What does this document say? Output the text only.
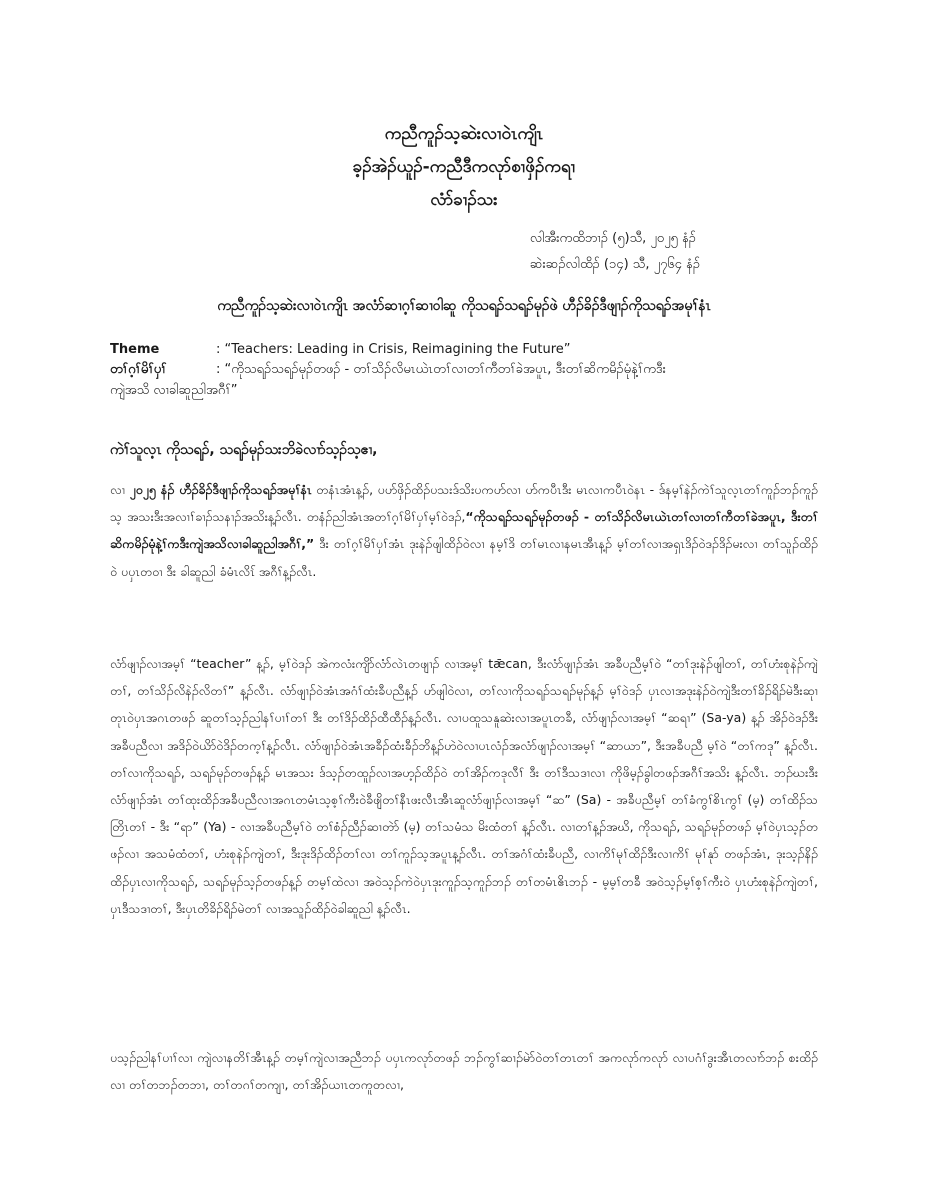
ကညီကူၣ်သ့ဆဲးလၢဝဲၤကျိၤ
ခ့ၣ်အဲၣ်ယူၣ်-ကညီဒီကလုာ်စၢဖှိၣ်ကရၢ
လံာ်ခၢၣ်သး
လါအီးကထိဘၢၣ် (၅)သီ, ၂၀၂၅ နံၣ်
ဆဲးဆၣ်လါထိၣ် (၁၄) သီ, ၂၇၆၄ နံၣ်
ကညီကူၣ်သ့ဆဲးလၢဝဲၤကျိၤ အလံာ်ဆၢဂ့ၢ်ဆၢဝါဆူ ကိုသရၣ်သရၣ်မုၣ်ဖဲ ဟီၣ်ခိၣ်ဒီဖျၢၣ်ကိုသရၣ်အမုၢ်နံၤ
Theme	: “Teachers: Leading in Crisis, Reimagining the Future”
တၢ်ဂ့ၢ်မိၢ်ပှၢ်	: “ကိုသရၣ်သရၣ်မုၣ်တဖၣ် - တၢ်သိၣ်လိမၤယဲၤတၢ်လၢတၢ်ကီတၢ်ခဲအပူၤ, ဒီးတၢ်ဆိကမိၣ်မုံနဲ့ၢ်ကဒီး
ကျဲအသိ လၢခါဆူညါအဂီၢ်”
ကဲၢ်သူလ့ၤ ကိုသရၣ်, သရၣ်မုၣ်သးဘိခဲလၢာ်သ့ၣ်သ့ဧၢ,

လၢ ၂၀၂၅ နံၣ် ဟီၣ်ခိၣ်ဒီဖျၢၣ်ကိုသရၣ်အမုၢ်နံၤ တနံၤအံၤန့ၣ်, ပဟ်ဖှိၣ်ထိၣ်ပသးဒ်သိးပကဟ်လၢ ဟ်ကပီၤဒီး မၤလၢကပီၤဝဲနၤ - ဒ်နမ့ၢ်နဲၣ်ကဲၢ်သူလ့ၤတၢ်ကူၣ်ဘၣ်ကူၣ်သ့ အသးဒီးအလၢၢ်ခၢၣ်သနၢၣ်အသိးန့ၣ်လီၤ. တနံၣ်ညါအံၤအတၢ်ဂ့ၢ်မိၢ်ပှၢ်မ့ၢ်ဝဲဒၣ်,“ကိုသရၣ်သရၣ်မုၣ်တဖၣ် - တၢ်သိၣ်လိမၤယဲၤတၢ်လၢတၢ်ကီတၢ်ခဲအပူၤ, ဒီးတၢ်ဆိကမိၣ်မုံနဲ့ၢ်ကဒီးကျဲအသိလၢခါဆူညါအဂီၢ်,” ဒီး တၢ်ဂ့ၢ်မိၢ်ပှၢ်အံၤ ဒုးနဲၣ်ဖျါထိၣ်ဝဲလၢ နမ့ၢ်ဒိ တၢ်မၤလၢနမၤအီၤန့ၣ် မ့ၢ်တၢ်လၢအရှၤဒိၣ်ဝဲဒၣ်ဒိၣ်မးလၢ တၢ်သူၣ်ထိၣ်ဝဲ ပပှၤတဝၢ ဒီး ခါဆူညါ ခံမံၤလိၤ် အဂီၢ်န့ၣ်လီၤ.

လံာ်ဖျၢၣ်လၢအမ့ၢ် “teacher” န့ၣ်, မ့ၢ်ဝဲဒၣ် အဲကလံးကျိာ်လံာ်လဲၤတဖျၢၣ် လၢအမ့ၢ် tǣcan, ဒီးလံာ်ဖျၢၣ်အံၤ အခီပညီမ့ၢ်ဝဲ “တၢ်ဒုးနဲၣ်ဖျါတၢ်, တၢ်ဟံးစုနဲၣ်ကျဲတၢ်, တၢ်သိၣ်လိနဲၣ်လိတၢ်” န့ၣ်လီၤ. လံာ်ဖျၢၣ်ဝဲအံၤအဂံၢ်ထံးခီပညီန့ၣ် ဟ်ဖျါဝဲလၢ, တၢ်လၢကိုသရၣ်သရၣ်မုၣ်န့ၣ် မ့ၢ်ဝဲဒၣ် ပှၤလၢအဒုးနဲၣ်ဝဲကျဲဒီးတၢ်ခိၣ်ရိၣ်မဲဒီးဆုၢတုၤဝဲပှၤအဂၤတဖၣ် ဆူတၢ်သ့ၣ်ညါနၢ်ပၢၢ်တၢ် ဒီး တၢ်ဒိၣ်ထိၣ်ထီထီၣ်န့ၣ်လီၤ. လၢပထူသနူဆဲးလၢအပူၤတခီ, လံာ်ဖျၢၣ်လၢအမ့ၢ် “ဆရၢ” (Sa-ya) န့ၣ် အိၣ်ဝဲဒၣ်ဒီးအခီပညီလၢ အဒိၣ်ဝဲယိာ်ဝဲဒိၣ်တက့ၢ်န့ၣ်လီၤ. လံာ်ဖျၢၣ်ဝဲအံၤအခီၣ်ထံးခီၣ်ဘိန့ၣ်ဟဲဝဲလၢပၤလံၣ်အလံာ်ဖျၢၣ်လၢအမ့ၢ် “ဆာယာ”, ဒီးအခီပညီ မ့ၢ်ဝဲ “တၢ်ကဒု” န့ၣ်လီၤ. တၢ်လၢကိုသရၣ်, သရၣ်မုၣ်တဖၣ်န့ၣ် မၤအသး ဒ်သ့ၣ်တထူၣ်လၢအဟ့ၣ်ထိၣ်ဝဲ တၢ်အိၣ်ကဒုလီၢ် ဒီး တၢ်ဒီသဒၢလၢ ကိုဖိမ့ၣ်ခွါတဖၣ်အဂီၢ်အသိး န့ၣ်လီၤ. ဘၣ်ဃးဒီးလံာ်ဖျၢၣ်အံၤ တၢ်ထုးထိၣ်အခီပညီလၢအဂၤတမံၤသ့စ့ၢ်ကီးဝဲခီဖျိတၢ်နီၤဖးလီၤအီၤဆူလံာ်ဖျၢၣ်လၢအမ့ၢ် “ဆ” (Sa) - အခီပညီမ့ၢ် တၢ်ခံကွၢ်စိၤကွၢ် (မ့) တၢ်ထိၣ်သတြိၤတၢ် - ဒီး “ရာ” (Ya) - လၢအခီပညီမ့ၢ်ဝဲ တၢ်စံၣ်ညီၣ်ဆၢတဲာ် (မ့) တၢ်သမံသ မိးထံတၢ် န့ၣ်လီၤ. လၢတၢ်န့ၣ်အဃိ, ကိုသရၣ်, သရၣ်မုၣ်တဖၣ် မ့ၢ်ဝဲပှၤသ့ၣ်တဖၣ်လၢ အသမံထံတၢ်, ဟံးစုနဲၣ်ကျဲတၢ်, ဒီးဒုးဒိၣ်ထိၣ်တၢ်လၢ တၢ်ကူၣ်သ့အပူၤန့ၣ်လီၤ. တၢ်အဂံၢ်ထံးခီပညီ, လၢကိၢ်မုၢ်ထိၣ်ဒီးလၢကိၢ် မုၢ်နုာ် တဖၣ်အံၤ, ဒုးသ့ၣ်နိၣ်ထိၣ်ပှၤလၢကိုသရၣ်, သရၣ်မုၣ်သ့ၣ်တဖၣ်န့ၣ် တမ့ၢ်ထဲလၢ အဝဲသ့ၣ်ကဲဝဲပှၤဒုးကူၣ်သ့ကူၣ်ဘၣ် တၢ်တမံၤဧိၤဘၣ် - မ့မ့ၢ်တခီ အဝဲသ့ၣ်မ့ၢ်စ့ၢ်ကီးဝဲ ပှၤဟံးစုနဲၣ်ကျဲတၢ်, ပှၤဒီသဒၢတၢ်, ဒီးပှၤတိခိၣ်ရိၣ်မဲတၢ် လၢအသူၣ်ထိၣ်ဝဲခါဆူညါ န့ၣ်လီၤ.

ပသ့ၣ်ညါနၢ်ပၢၢ်လၢ ကျဲလၢနတိၢ်အီၤန့ၣ် တမ့ၢ်ကျဲလၢအညီဘၣ် ပပှၤကလုာ်တဖၣ် ဘၣ်ကွၢ်ဆၢၣ်မဲာ်ဝဲတၢ်တၤတၢ် အကလုာ်ကလုာ် လၢပဂံၢ်ဒွးအီၤတလၢာ်ဘၣ် စးထိၣ်လၢ တၢ်တဘၣ်တဘၢ, တၢ်တဂၢ်တကျၢ, တၢ်အိၣ်ယၢၤတကူတလၢ,
